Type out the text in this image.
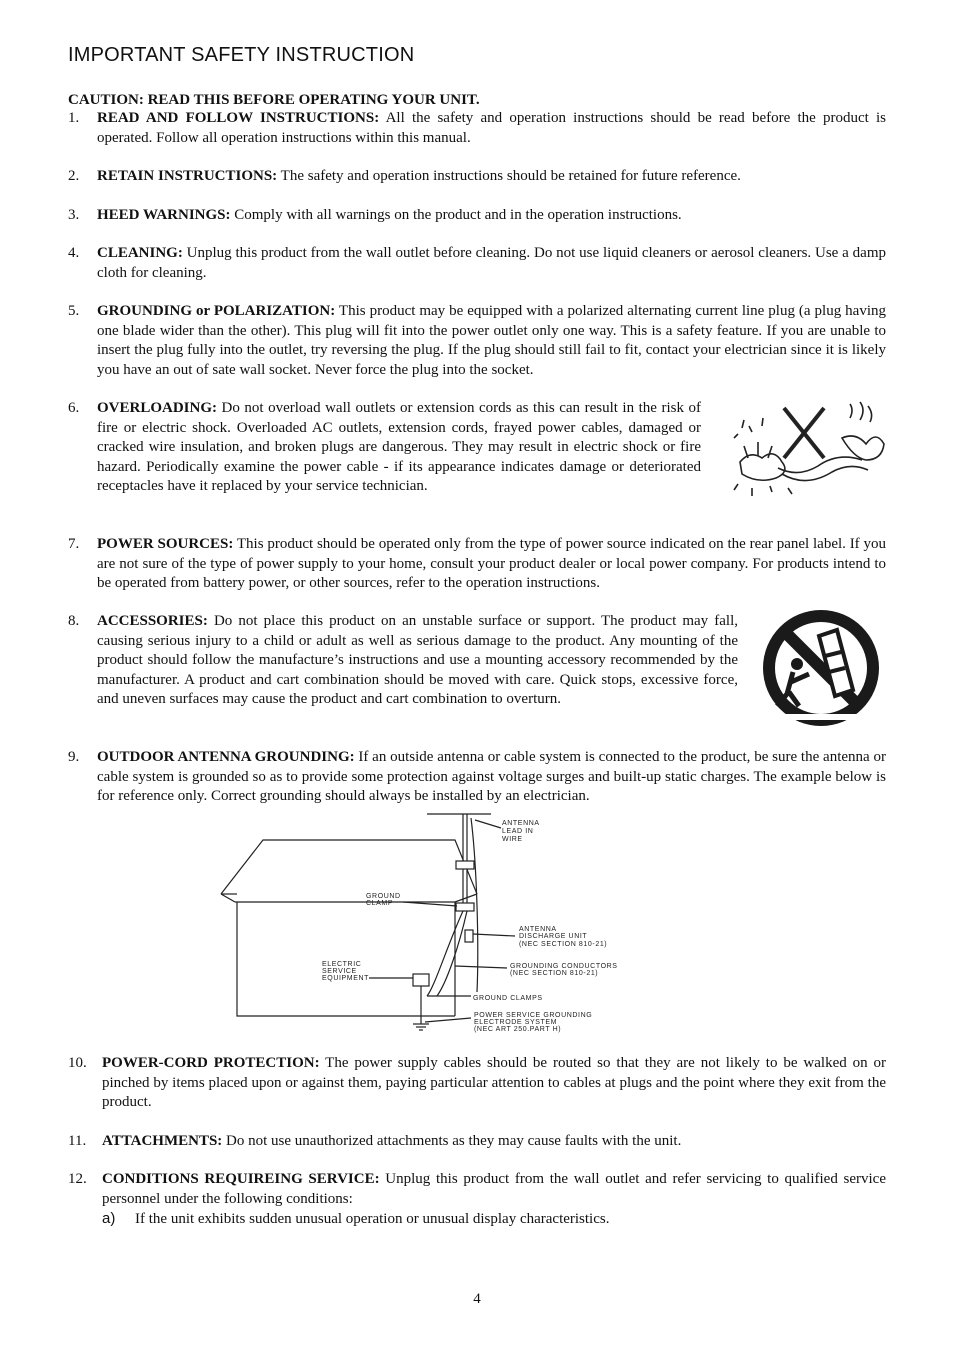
IMPORTANT SAFETY INSTRUCTION
CAUTION: READ THIS BEFORE OPERATING YOUR UNIT.
1.	READ AND FOLLOW INSTRUCTIONS: All the safety and operation instructions should be read before the product is operated. Follow all operation instructions within this manual.
2.	RETAIN INSTRUCTIONS: The safety and operation instructions should be retained for future reference.
3.	HEED WARNINGS: Comply with all warnings on the product and in the operation instructions.
4.	CLEANING: Unplug this product from the wall outlet before cleaning. Do not use liquid cleaners or aerosol cleaners. Use a damp cloth for cleaning.
5.	GROUNDING or POLARIZATION: This product may be equipped with a polarized alternating current line plug (a plug having one blade wider than the other). This plug will fit into the power outlet only one way. This is a safety feature. If you are unable to insert the plug fully into the outlet, try reversing the plug. If the plug should still fail to fit, contact your electrician since it is likely you have an out of sate wall socket. Never force the plug into the socket.
6.	OVERLOADING: Do not overload wall outlets or extension cords as this can result in the risk of fire or electric shock. Overloaded AC outlets, extension cords, frayed power cables, damaged or cracked wire insulation, and broken plugs are dangerous. They may result in electric shock or fire hazard. Periodically examine the power cable - if its appearance indicates damage or deteriorated receptacles have it replaced by your service technician.
7.	POWER SOURCES: This product should be operated only from the type of power source indicated on the rear panel label. If you are not sure of the type of power supply to your home, consult your product dealer or local power company. For products intend to be operated from battery power, or other sources, refer to the operation instructions.
8.	ACCESSORIES: Do not place this product on an unstable surface or support. The product may fall, causing serious injury to a child or adult as well as serious damage to the product. Any mounting of the product should follow the manufacture’s instructions and use a mounting accessory recommended by the manufacturer. A product and cart combination should be moved with care. Quick stops, excessive force, and uneven surfaces may cause the product and cart combination to overturn.
9.	OUTDOOR ANTENNA GROUNDING: If an outside antenna or cable system is connected to the product, be sure the antenna or cable system is grounded so as to provide some protection against voltage surges and built-up static charges. The example below is for reference only. Correct grounding should always be installed by an electrician.
ANTENNA
LEAD IN
WIRE
GROUND
CLAMP
ANTENNA
DISCHARGE UNIT
(NEC SECTION 810-21)
ELECTRIC
SERVICE
EQUIPMENT
GROUNDING CONDUCTORS
(NEC SECTION 810-21)
GROUND CLAMPS
POWER SERVICE GROUNDING
ELECTRODE SYSTEM
(NEC ART 250.PART H)
10.	POWER-CORD PROTECTION: The power supply cables should be routed so that they are not likely to be walked on or pinched by items placed upon or against them, paying particular attention to cables at plugs and the point where they exit from the product.
11.	ATTACHMENTS: Do not use unauthorized attachments as they may cause faults with the unit.
12.	CONDITIONS REQUIREING SERVICE: Unplug this product from the wall outlet and refer servicing to qualified service personnel under the following conditions:
a) If the unit exhibits sudden unusual operation or unusual display characteristics.
4
